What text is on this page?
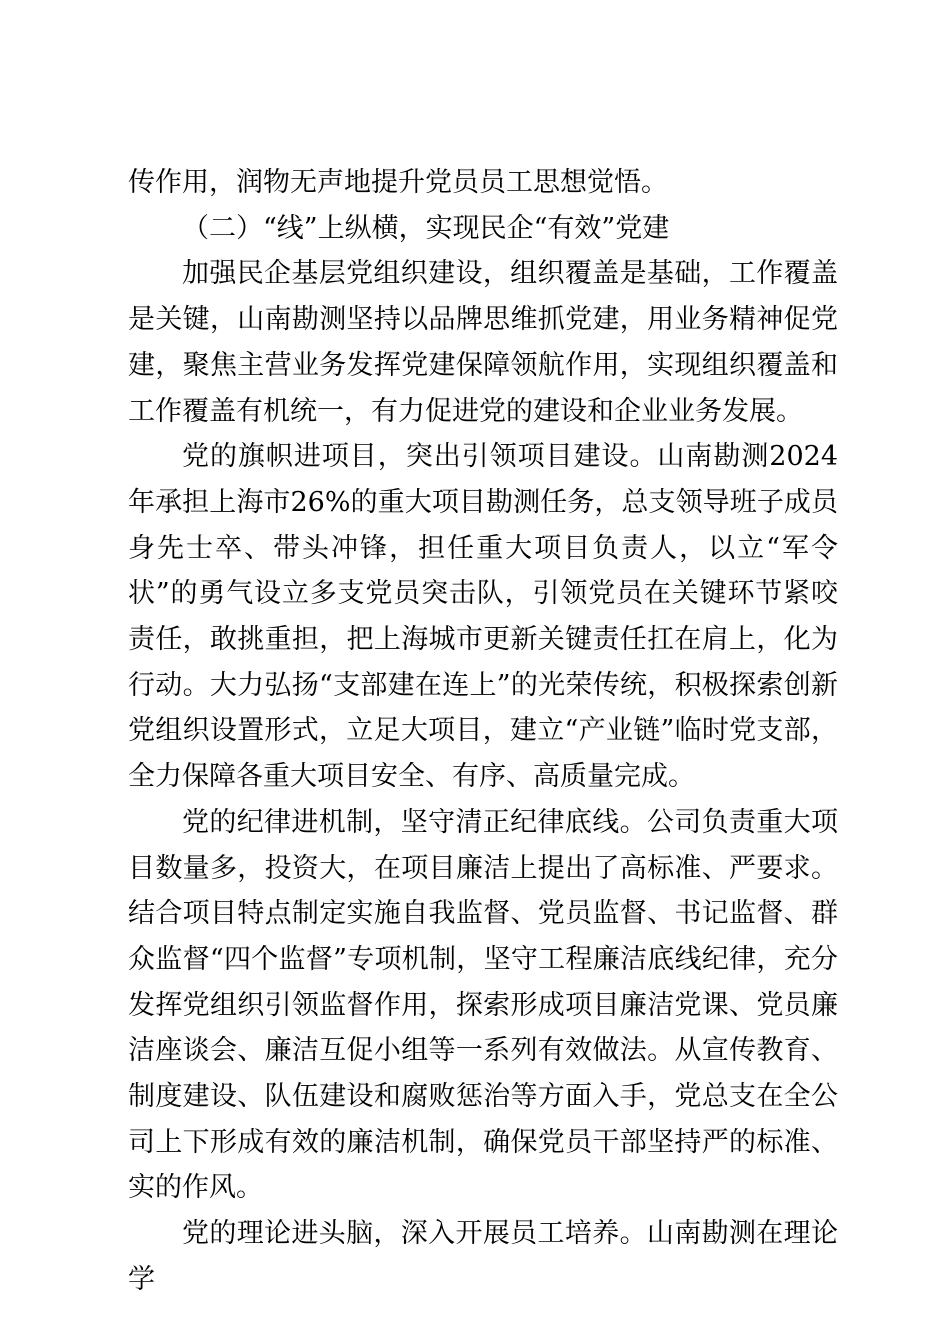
传作用，润物无声地提升党员员工思想觉悟。

（二）“线”上纵横，实现民企“有效”党建

加强民企基层党组织建设，组织覆盖是基础，工作覆盖是关键，山南勘测坚持以品牌思维抓党建，用业务精神促党建，聚焦主营业务发挥党建保障领航作用，实现组织覆盖和工作覆盖有机统一，有力促进党的建设和企业业务发展。

党的旗帜进项目，突出引领项目建设。山南勘测2024年承担上海市26%的重大项目勘测任务，总支领导班子成员身先士卒、带头冲锋，担任重大项目负责人，以立“军令状”的勇气设立多支党员突击队，引领党员在关键环节紧咬责任，敢挑重担，把上海城市更新关键责任扛在肩上，化为行动。大力弘扬“支部建在连上”的光荣传统，积极探索创新党组织设置形式，立足大项目，建立“产业链”临时党支部，全力保障各重大项目安全、有序、高质量完成。

党的纪律进机制，坚守清正纪律底线。公司负责重大项目数量多，投资大，在项目廉洁上提出了高标准、严要求。结合项目特点制定实施自我监督、党员监督、书记监督、群众监督“四个监督”专项机制，坚守工程廉洁底线纪律，充分发挥党组织引领监督作用，探索形成项目廉洁党课、党员廉洁座谈会、廉洁互促小组等一系列有效做法。从宣传教育、制度建设、队伍建设和腐败惩治等方面入手，党总支在全公司上下形成有效的廉洁机制，确保党员干部坚持严的标准、实的作风。

党的理论进头脑，深入开展员工培养。山南勘测在理论学
